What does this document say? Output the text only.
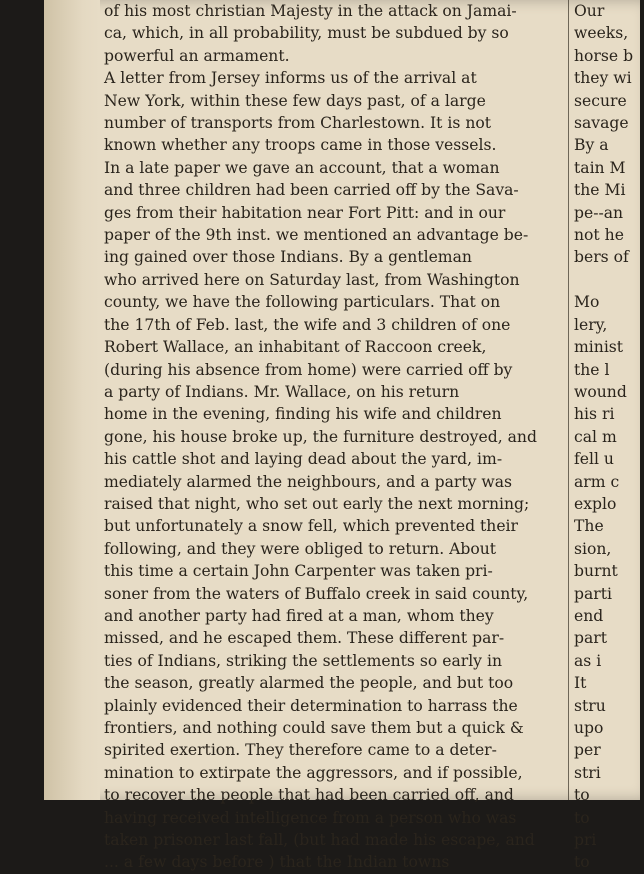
of his most christian Majesty in the attack on Jamai-
ca, which, in all probability, must be subdued by so
powerful an armament.
A letter from Jersey informs us of the arrival at
New York, within these few days past, of a large
number of transports from Charlestown. It is not
known whether any troops came in those vessels.
In a late paper we gave an account, that a woman
and three children had been carried off by the Sava-
ges from their habitation near Fort Pitt: and in our
paper of the 9th inst. we mentioned an advantage be-
ing gained over those Indians. By a gentleman
who arrived here on Saturday last, from Washington
county, we have the following particulars. That on
the 17th of Feb. last, the wife and 3 children of one
Robert Wallace, an inhabitant of Raccoon creek,
(during his absence from home) were carried off by
a party of Indians. Mr. Wallace, on his return
home in the evening, finding his wife and children
gone, his house broke up, the furniture destroyed, and
his cattle shot and laying dead about the yard, im-
mediately alarmed the neighbours, and a party was
raised that night, who set out early the next morning;
but unfortunately a snow fell, which prevented their
following, and they were obliged to return. About
this time a certain John Carpenter was taken pri-
soner from the waters of Buffalo creek in said county,
and another party had fired at a man, whom they
missed, and he escaped them. These different par-
ties of Indians, striking the settlements so early in
the season, greatly alarmed the people, and but too
plainly evidenced their determination to harrass the
frontiers, and nothing could save them but a quick &
spirited exertion. They therefore came to a deter-
mination to extirpate the aggressors, and if possible,
to recover the people that had been carried off, and
having received intelligence from a person who was
taken prisoner last fall, (but had made his escape, and
... a few days before ) that the Indian towns
Our
weeks,
horse b
they wi
secure
savage
By a
tain M
the Mi
pe--an
not he
bers of

Mo
lery,
minist
the l
wound
his ri
cal m
fell u
arm c
explo
The
sion,
burnt
parti
end
part
as i
It
stru
upo
per
stri
to
to
pri
to
